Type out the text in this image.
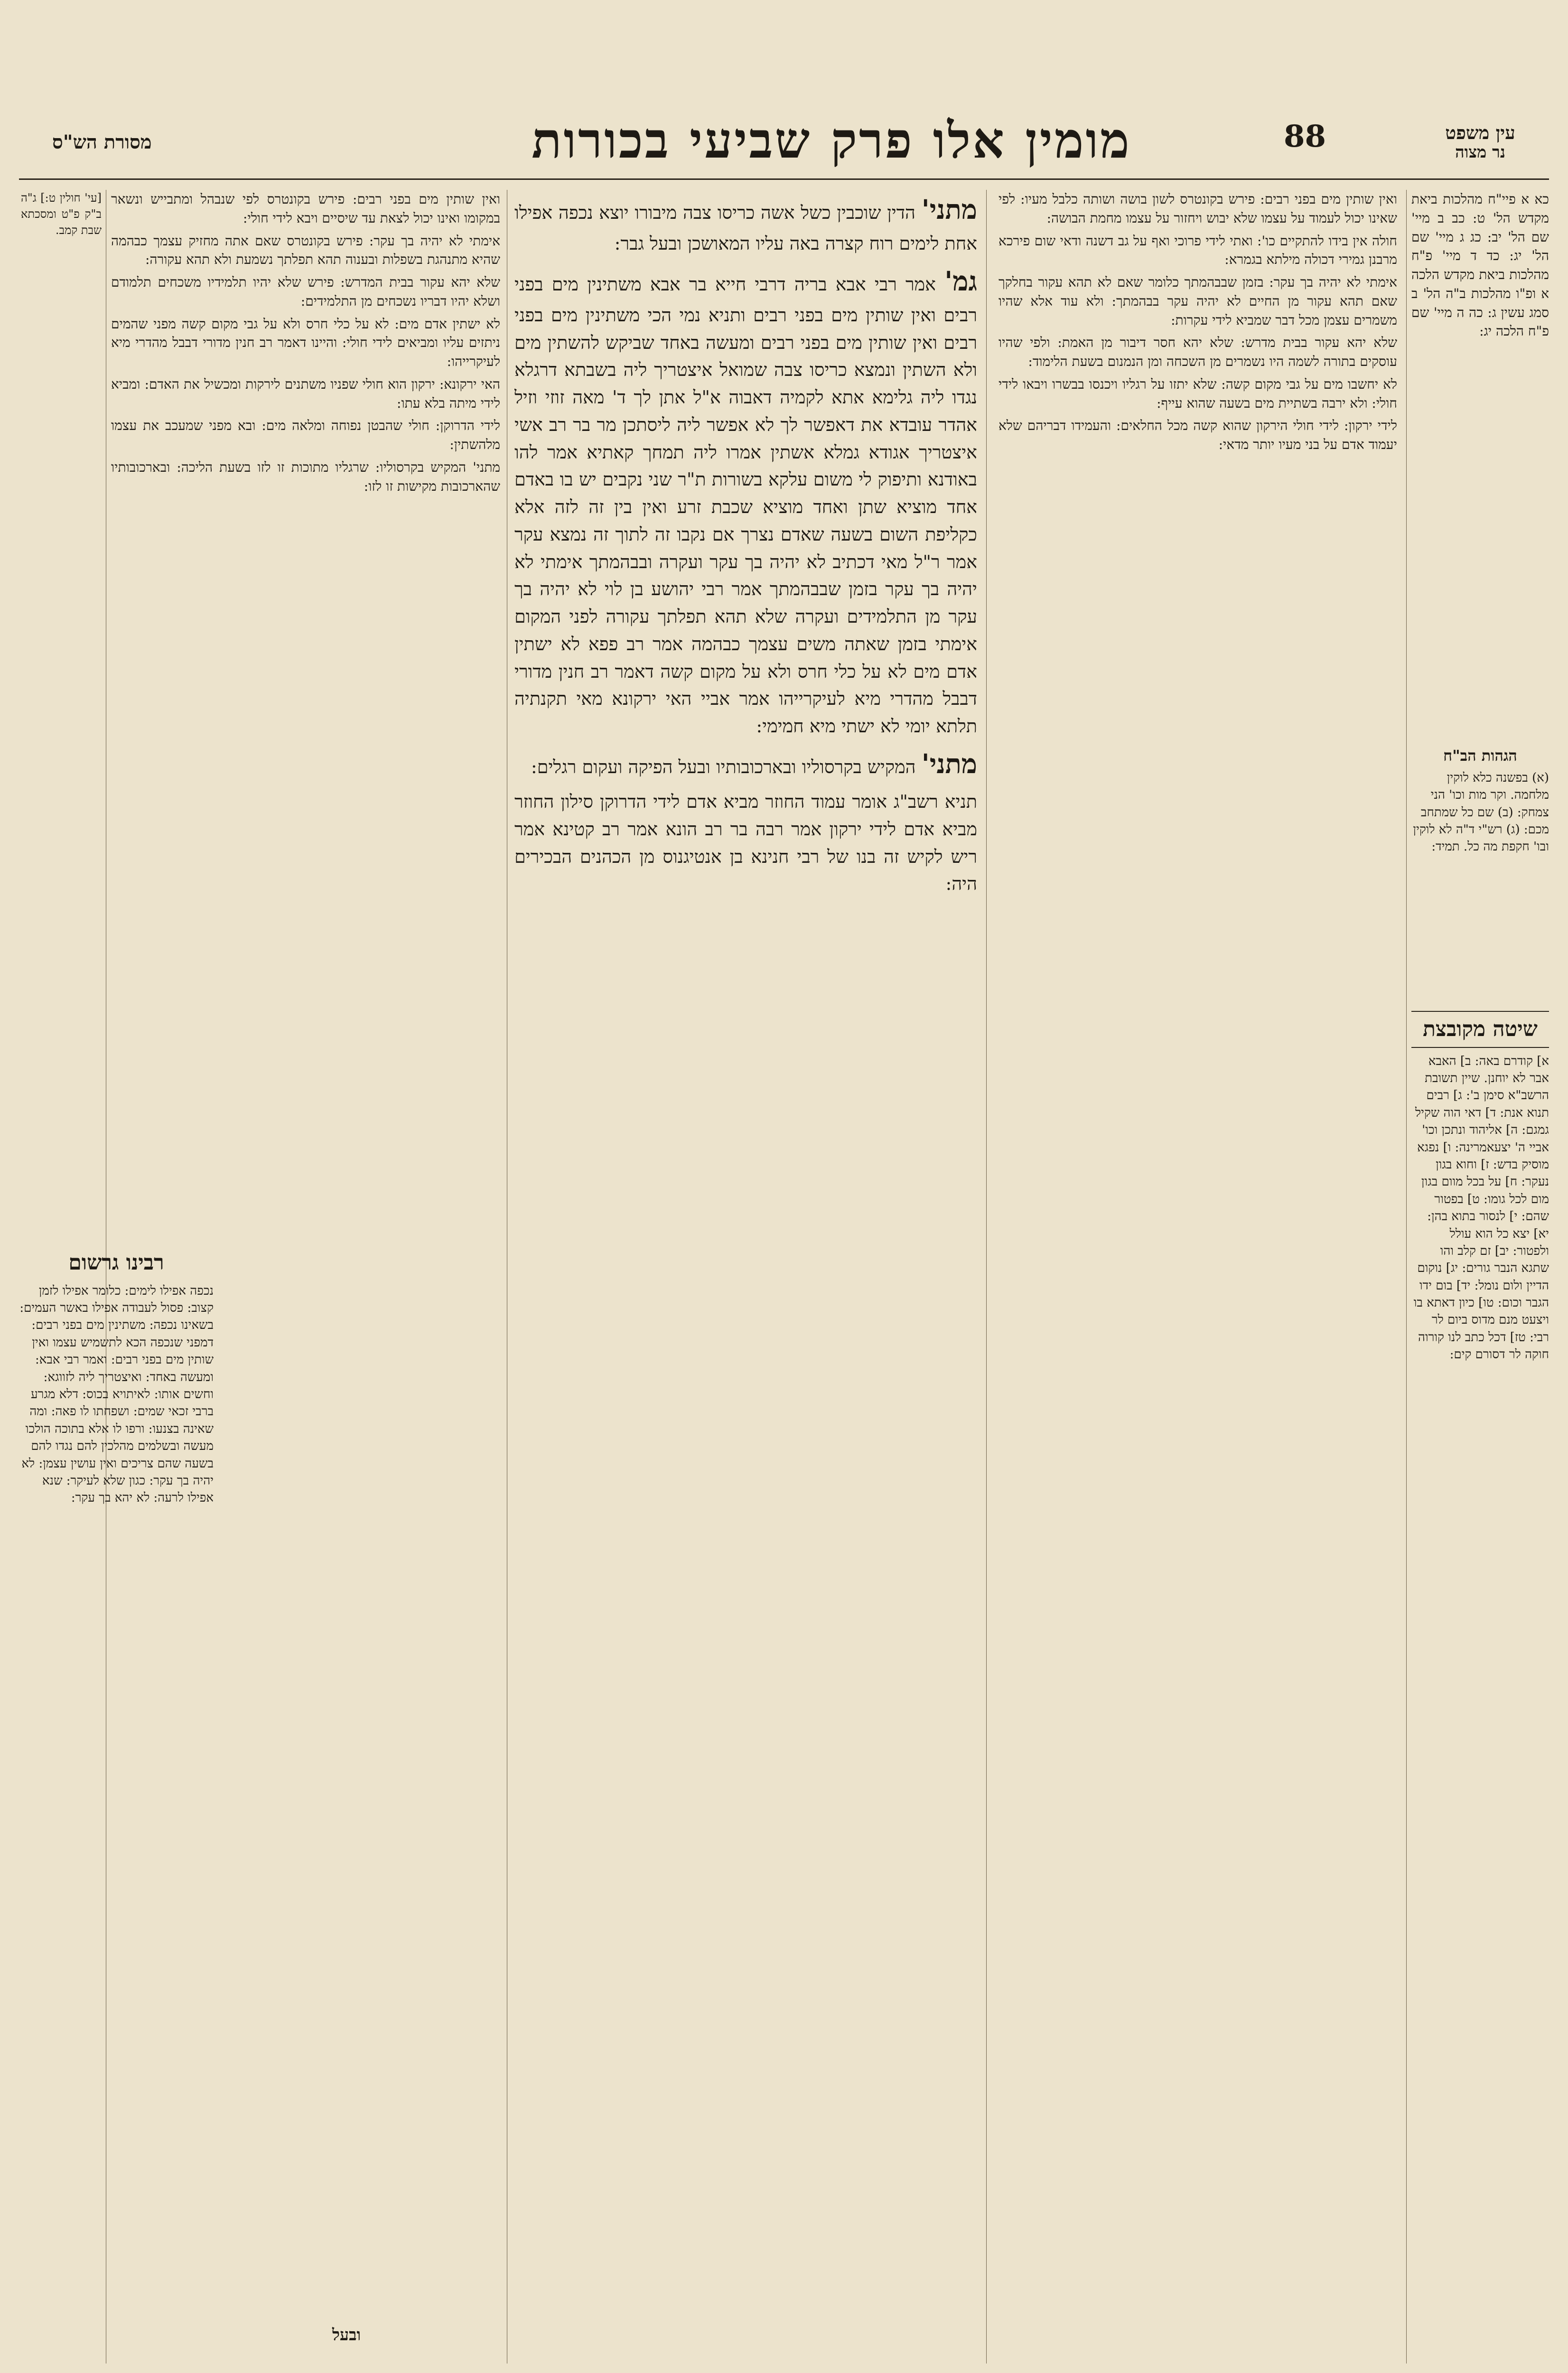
עין משפט
נר מצוה
88
מומין אלו פרק שביעי בכורות
מסורת הש"ס

כא א פיי"ח מהלכות ביאת מקדש הל' ט: כב ב מיי' שם הל' יב: כג ג מיי' שם הל' יג: כד ד מיי' פ"ח מהלכות ביאת מקדש הלכה א ופ"ו מהלכות ב"ה הל' ב סמג עשין ג: כה ה מיי' שם פ"ח הלכה יג:

הגהות הב"ח
(א) בפשנה כלא לוקין מלחמה. וקר מות וכו' הני צמחק: (ב) שם כל שמתחב מכם: (ג) רש"י ד"ה לא לוקין ובו' חקפת מה כל. תמיד:
שיטה מקובצת
א] קודרם באה: ב] האבא אבר לא יוחנן. שיין תשובת הרשב"א סימן ב': ג] רבים תנוא אנת: ד] דאי הוה שקיל גמגם: ה] אליהוד ונתכן וכו' אביי ה' יצעאמרינה: ו] נפגא מוסיק בדש: ז] וחוא בגון נעקר: ח] על בכל מוום בגון מום לכל גומו: ט] בפטור שהם: י] לנסור בתוא בהן: יא] יצא כל הוא עולל ולפטור: יב] זם קלב והו שתגא הנבר גורים: יג] נוקום הדיין ולום נומל: יד] בום ידו הגבר וכום: טו] כיון דאתא בו ויצעט מנם מדוס ביום לר רבי: טז] דכל כתב לנו קורוה חוקה לר דסורם קים:

ואין שותין מים בפני רבים: פירש בקונטרס לשון בושה ושותה כלבל מעיו: לפי שאינו יכול לעמוד על עצמו שלא יבוש ויחזור על עצמו מחמת הבושה:

חולה אין בידו להתקיים כו': ואתי לידי פרוכי ואף על גב דשנה ודאי שום פירכא מרבנן גמירי דכולה מילתא בגמרא:

אימתי לא יהיה בך עקר: בזמן שבבהמתך כלומר שאם לא תהא עקור בחלקך שאם תהא עקור מן החיים לא יהיה עקר בבהמתך: ולא עוד אלא שהיו משמרים עצמן מכל דבר שמביא לידי עקרות:

שלא יהא עקור בבית מדרש: שלא יהא חסר דיבור מן האמת: ולפי שהיו עוסקים בתורה לשמה היו נשמרים מן השכחה ומן הנמנום בשעת הלימוד:

לא יחשבו מים על גבי מקום קשה: שלא יתזו על רגליו ויכנסו בבשרו ויבאו לידי חולי: ולא ירבה בשתיית מים בשעה שהוא עייף:

לידי ירקון: לידי חולי הירקון שהוא קשה מכל החלאים: והעמידו דבריהם שלא יעמוד אדם על בני מעיו יותר מדאי:

מתני' הדין שוכבין כשל אשה כריסו צבה מיבורו יוצא נכפה אפילו אחת לימים רוח קצרה באה עליו המאושכן ובעל גבר:

גמ' אמר רבי אבא בריה דרבי חייא בר אבא משתינין מים בפני רבים ואין שותין מים בפני רבים ותניא נמי הכי משתינין מים בפני רבים ואין שותין מים בפני רבים ומעשה באחד שביקש להשתין מים ולא השתין ונמצא כריסו צבה שמואל איצטריך ליה בשבתא דרגלא נגדו ליה גלימא אתא לקמיה דאבוה א"ל אתן לך ד' מאה זוזי וזיל אהדר עובדא את דאפשר לך לא אפשר ליה ליסתכן מר בר רב אשי איצטריך אגודא גמלא אשתין אמרו ליה תמחך קאתיא אמר להו באודנא ותיפוק לי משום עלקא בשורות ת"ר שני נקבים יש בו באדם אחד מוציא שתן ואחד מוציא שכבת זרע ואין בין זה לזה אלא כקליפת השום בשעה שאדם נצרך אם נקבו זה לתוך זה נמצא עקר אמר ר"ל מאי דכתיב לא יהיה בך עקר ועקרה ובבהמתך אימתי לא יהיה בך עקר בזמן שבבהמתך אמר רבי יהושע בן לוי לא יהיה בך עקר מן התלמידים ועקרה שלא תהא תפלתך עקורה לפני המקום אימתי בזמן שאתה משים עצמך כבהמה אמר רב פפא לא ישתין אדם מים לא על כלי חרס ולא על מקום קשה דאמר רב חנין מדורי דבבל מהדרי מיא לעיקרייהו אמר אביי האי ירקונא מאי תקנתיה תלתא יומי לא ישתי מיא חמימי:

מתני' המקיש בקרסוליו ובארכובותיו ובעל הפיקה ועקום רגלים:

תניא רשב"ג אומר עמוד החוזר מביא אדם לידי הדרוקן סילון החוזר מביא אדם לידי ירקון אמר רבה בר רב הונא אמר רב קטינא אמר ריש לקיש זה בנו של רבי חנינא בן אנטיגנוס מן הכהנים הבכירים היה:

ואין שותין מים בפני רבים: פירש בקונטרס לפי שנבהל ומתבייש ונשאר במקומו ואינו יכול לצאת עד שיסיים ויבא לידי חולי:

אימתי לא יהיה בך עקר: פירש בקונטרס שאם אתה מחזיק עצמך כבהמה שהיא מתנהגת בשפלות ובענוה תהא תפלתך נשמעת ולא תהא עקורה:

שלא יהא עקור בבית המדרש: פירש שלא יהיו תלמידיו משכחים תלמודם ושלא יהיו דבריו נשכחים מן התלמידים:

לא ישתין אדם מים: לא על כלי חרס ולא על גבי מקום קשה מפני שהמים ניתזים עליו ומביאים לידי חולי: והיינו דאמר רב חנין מדורי דבבל מהדרי מיא לעיקרייהו:

האי ירקונא: ירקון הוא חולי שפניו משתנים לירקות ומכשיל את האדם: ומביא לידי מיתה בלא עתו:

לידי הדרוקן: חולי שהבטן נפוחה ומלאה מים: ובא מפני שמעכב את עצמו מלהשתין:

מתני' המקיש בקרסוליו: שרגליו מתוכות זו לזו בשעת הליכה: ובארכובותיו שהארכובות מקישות זו לזו:

[עי' חולין ט:] ג"ה ב"ק פ"ט ומסכתא שבת קמב.

רבינו גרשום
נכפה אפילו לימים: כלומר אפילו לזמן קצוב: פסול לעבודה אפילו באשר העמים: בשאינו נכפה: משתינין מים בפני רבים: דמפני שנכפה הכא לתשמיש עצמו ואין שותין מים בפני רבים: ואמר רבי אבא: ומעשה באחד: ואיצטריך ליה לזווגא: וחשים אותו: לאיתויא בכוס: דלא מגרע ברבי זכאי שמים: ושפחתו לו פאה: ומה שאינה בצנעו: ורפו לו אלא בתוכה הולכו מעשה ובשלמים מהלכין להם נגדו להם בשעה שהם צריכים ואין עושין עצמן: לא יהיה בך עקר: כגון שלא לעיקר: שנא אפילו לרעה: לא יהא בך עקר:
ובעל
